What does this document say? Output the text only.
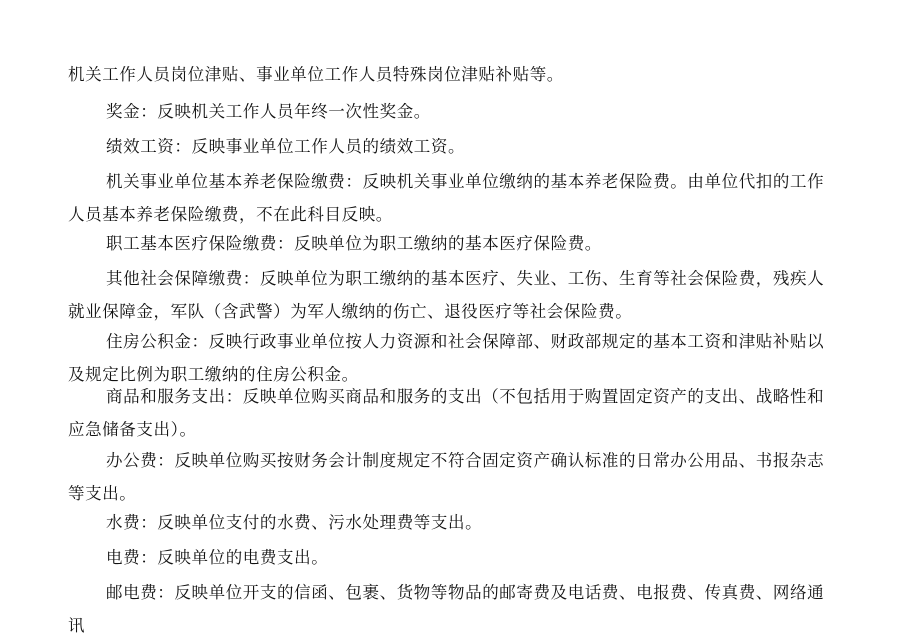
机关工作人员岗位津贴、事业单位工作人员特殊岗位津贴补贴等。

奖金：反映机关工作人员年终一次性奖金。

绩效工资：反映事业单位工作人员的绩效工资。

机关事业单位基本养老保险缴费：反映机关事业单位缴纳的基本养老保险费。由单位代扣的工作人员基本养老保险缴费，不在此科目反映。

职工基本医疗保险缴费：反映单位为职工缴纳的基本医疗保险费。

其他社会保障缴费：反映单位为职工缴纳的基本医疗、失业、工伤、生育等社会保险费，残疾人就业保障金，军队（含武警）为军人缴纳的伤亡、退役医疗等社会保险费。

住房公积金：反映行政事业单位按人力资源和社会保障部、财政部规定的基本工资和津贴补贴以及规定比例为职工缴纳的住房公积金。

商品和服务支出：反映单位购买商品和服务的支出（不包括用于购置固定资产的支出、战略性和应急储备支出）。

办公费：反映单位购买按财务会计制度规定不符合固定资产确认标准的日常办公用品、书报杂志等支出。

水费：反映单位支付的水费、污水处理费等支出。

电费：反映单位的电费支出。

邮电费：反映单位开支的信函、包裹、货物等物品的邮寄费及电话费、电报费、传真费、网络通讯
